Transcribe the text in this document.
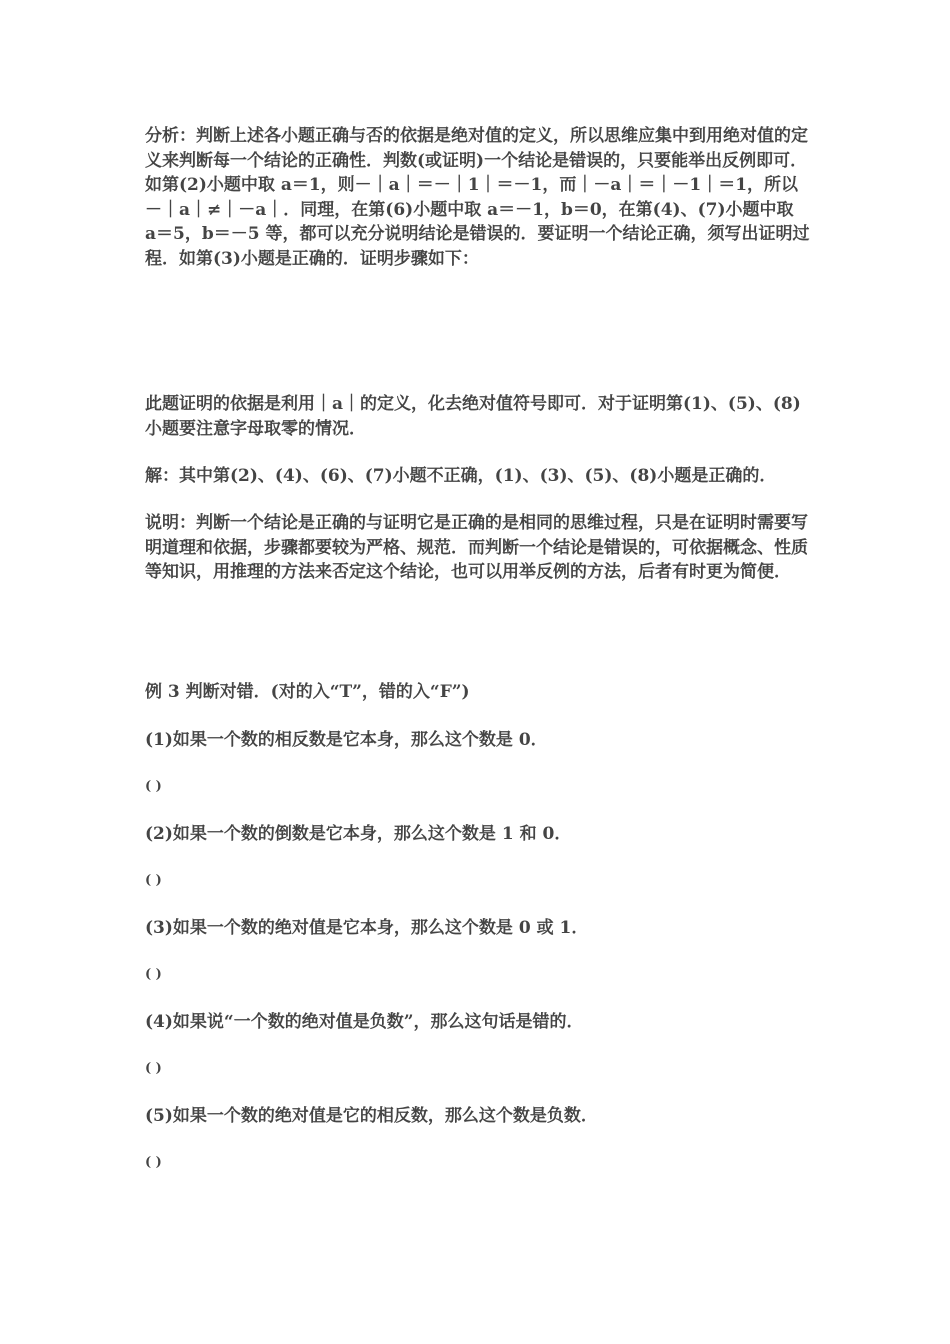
分析：判断上述各小题正确与否的依据是绝对值的定义，所以思维应集中到用绝对值的定义来判断每一个结论的正确性．判数(或证明)一个结论是错误的，只要能举出反例即可．如第(2)小题中取 a＝1，则－｜a｜＝－｜1｜＝－1，而｜－a｜＝｜－1｜＝1，所以－｜a｜≠｜－a｜．同理，在第(6)小题中取 a＝－1，b＝0，在第(4)、(7)小题中取 a＝5，b＝－5 等，都可以充分说明结论是错误的．要证明一个结论正确，须写出证明过程．如第(3)小题是正确的．证明步骤如下：

此题证明的依据是利用｜a｜的定义，化去绝对值符号即可．对于证明第(1)、(5)、(8)小题要注意字母取零的情况．

解：其中第(2)、(4)、(6)、(7)小题不正确，(1)、(3)、(5)、(8)小题是正确的．

说明：判断一个结论是正确的与证明它是正确的是相同的思维过程，只是在证明时需要写明道理和依据，步骤都要较为严格、规范．而判断一个结论是错误的，可依据概念、性质等知识，用推理的方法来否定这个结论，也可以用举反例的方法，后者有时更为简便．

例 3 判断对错．(对的入“T”，错的入“F”)

(1)如果一个数的相反数是它本身，那么这个数是 0．

( )

(2)如果一个数的倒数是它本身，那么这个数是 1 和 0．

( )

(3)如果一个数的绝对值是它本身，那么这个数是 0 或 1．

( )

(4)如果说“一个数的绝对值是负数”，那么这句话是错的．

( )

(5)如果一个数的绝对值是它的相反数，那么这个数是负数．

( )
